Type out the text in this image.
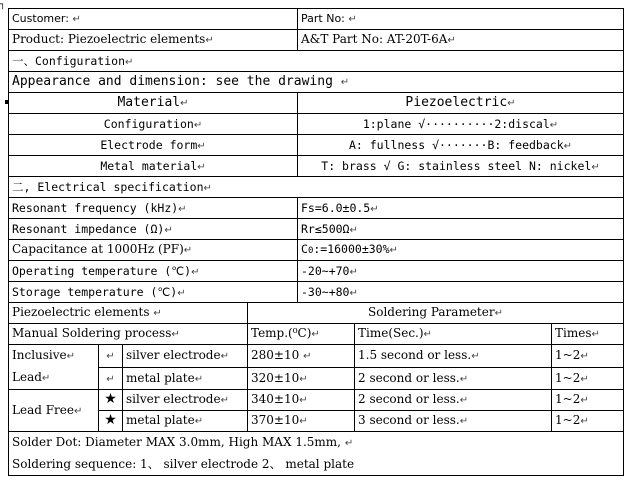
┐
Customer: ↵	Part No: ↵
Product: Piezoelectric elements↵	A&T Part No: AT-20T-6A↵
一、Configuration↵	
Appearance and dimension: see the drawing ↵	
Material↵	Piezoelectric↵
Configuration↵	1:plane √··········2:discal↵
Electrode form↵	A: fullness √·······B: feedback↵
Metal material↵	T: brass √ G: stainless steel N: nickel↵
二, Electrical specification↵	
Resonant frequency (kHz)↵	Fs=6.0±0.5↵
Resonant impedance (Ω)↵	Rr≤500Ω↵
Capacitance at 1000Hz (PF)↵	C0:=16000±30%↵
Operating temperature (℃)↵	-20~+70↵
Storage temperature (℃)↵	-30~+80↵
Piezoelectric elements ↵			Soldering Parameter↵		
Manual Soldering process↵			Temp.(⁰C)↵	Time(Sec.)↵	Times↵
Inclusive↵
Lead↵	↵	silver electrode↵	280±10 ↵	1.5 second or less.↵	1~2↵
	↵	metal plate↵	320±10↵	2 second or less.↵	1~2↵
Lead Free↵	★	silver electrode↵	340±10↵	2 second or less.↵	1~2↵
	★	metal plate↵	370±10↵	3 second or less.↵	1~2↵
Solder Dot: Diameter MAX 3.0mm, High MAX 1.5mm, ↵
Soldering sequence: 1、 silver electrode 2、 metal plate					
